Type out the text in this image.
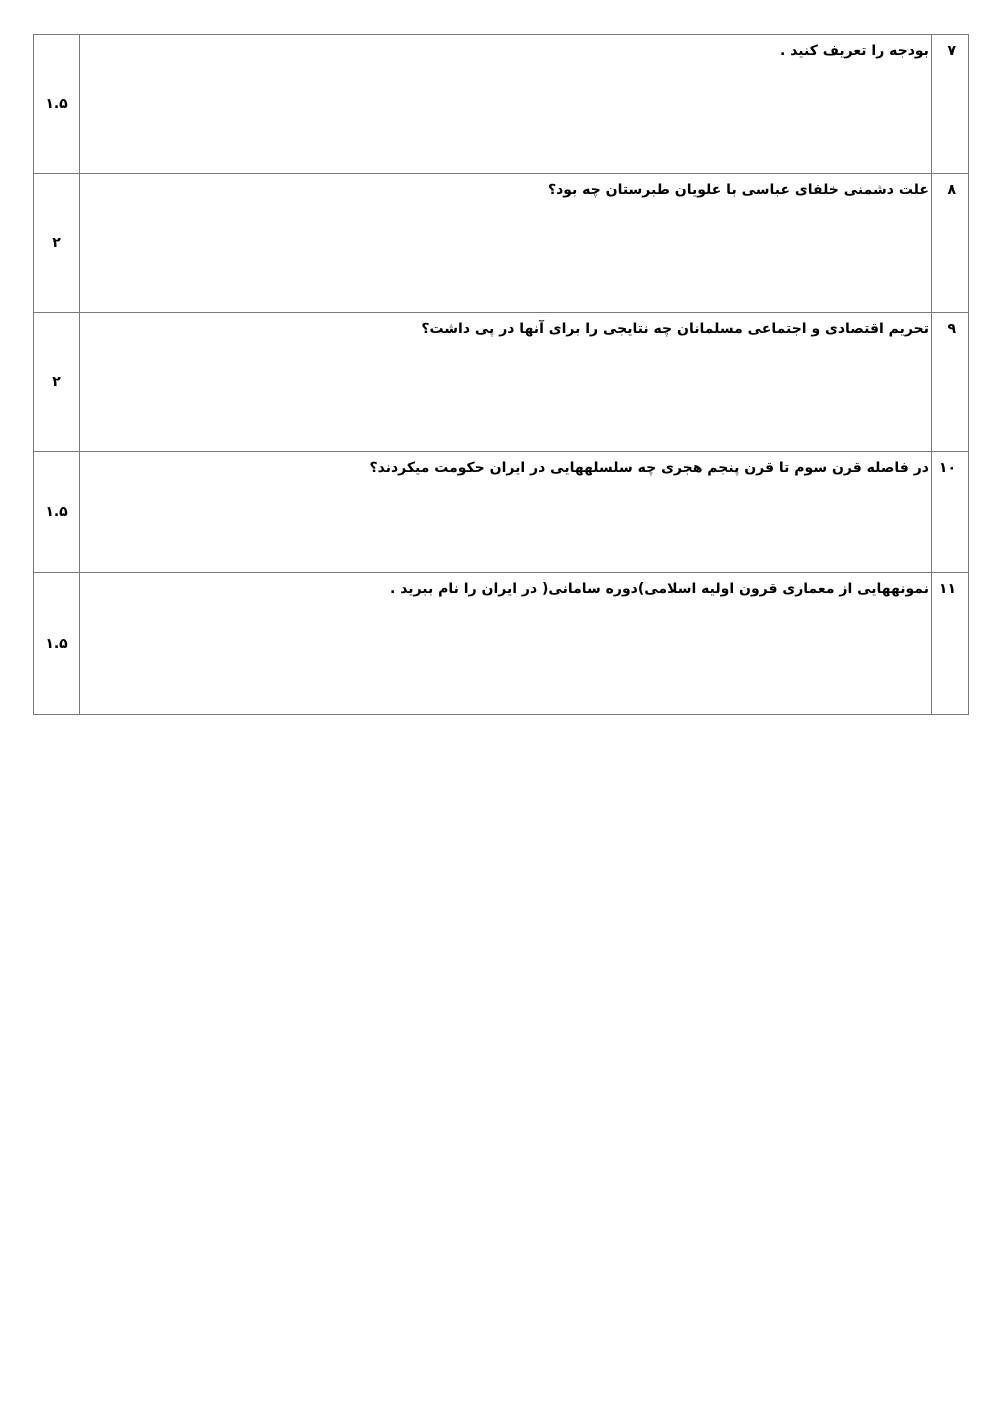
۱.۵	بودجه را تعریف کنید .	۷
۲	علت دشمنی خلفای عباسی با علویان طبرستان چه بود؟	۸
۲	تحریم اقتصادی و اجتماعی مسلمانان چه نتایجی را برای آنها در پی داشت؟	۹
۱.۵	در فاصله قرن سوم تا قرن پنجم هجری چه سلسلههایی در ایران حکومت میکردند؟	۱۰
۱.۵	نمونههایی از معماری قرون اولیه اسلامی)دوره سامانی( در ایران را نام ببرید .	۱۱
